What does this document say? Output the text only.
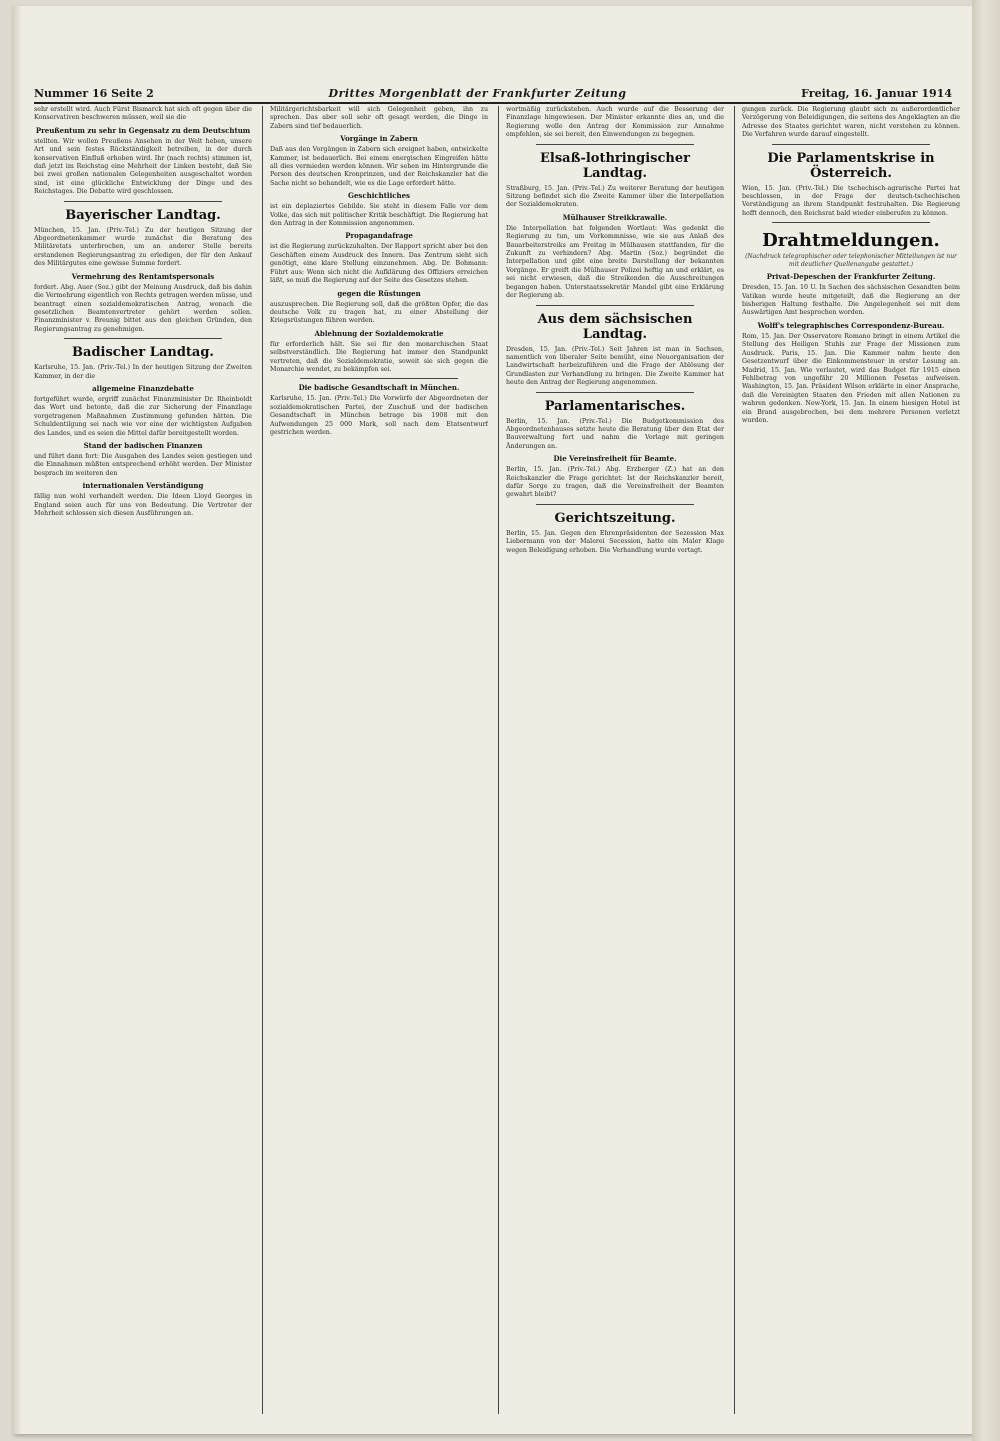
Nummer 16 Seite 2	Drittes Morgenblatt der Frankfurter Zeitung	Freitag, 16. Januar 1914

sehr erstellt wird. Auch Fürst Bismarck hat sich oft gegen über die Konservativen beschweren müssen, weil sie die

Preußentum zu sehr in Gegensatz zu dem Deutschtum

stellten. Wir wollen Preußens Ansehen in der Welt heben, unsere Art und sein festes Rückständigkeit betreiben, in der durch konservativen Einfluß erhoben wird. Ihr (nach rechts) stimmen ist, daß jetzt im Reichstag eine Mehrheit der Linken besteht, daß Sie bei zwei großen nationalen Gelegenheiten ausgeschaltet worden sind, ist eine glückliche Entwicklung der Dinge und des Reichstages. Die Debatte wird geschlossen.

Bayerischer Landtag.

München, 15. Jan. (Priv.-Tel.) Zu der heutigen Sitzung der Abgeordnetenkammer wurde zunächst die Beratung des Militäretats unterbrochen, um an anderer Stelle bereits erstandenen Regierungsantrag zu erledigen, der für den Ankauf des Militärgutes eine gewisse Summe fordert.

Vermehrung des Rentamtspersonals

fordert. Abg. Auer (Soz.) gibt der Meinung Ausdruck, daß bis dahin die Vermehrung eigentlich von Rechts getragen werden müsse, und beantragt einen sozialdemokratischen Antrag, wonach die gesetzlichen Beamtenvertreter gehört werden sollen. Finanzminister v. Breunig bittet aus den gleichen Gründen, den Regierungsantrag zu genehmigen.

Badischer Landtag.

Karlsruhe, 15. Jan. (Priv.-Tel.) In der heutigen Sitzung der Zweiten Kammer, in der die

allgemeine Finanzdebatte

fortgeführt wurde, ergriff zunächst Finanzminister Dr. Rheinboldt das Wort und betonte, daß die zur Sicherung der Finanzlage vorgetragenen Maßnahmen Zustimmung gefunden hätten. Die Schuldentilgung sei nach wie vor eine der wichtigsten Aufgaben des Landes, und es seien die Mittel dafür bereitgestellt worden.

Stand der badischen Finanzen

und führt dann fort: Die Ausgaben des Landes seien gestiegen und die Einnahmen müßten entsprechend erhöht werden. Der Minister besprach im weiteren den

internationalen Verständigung

fällig nun wohl verhandelt werden. Die Ideen Lloyd Georges in England seien auch für uns von Bedeutung. Die Vertreter der Mehrheit schlossen sich diesen Ausführungen an.

Militärgerichtsbarkeit will sich Gelegenheit geben, ihn zu sprechen. Das aber soll sehr oft gesagt werden, die Dinge in Zabern sind tief bedauerlich.

Vorgänge in Zabern

Daß aus den Vorgängen in Zabern sich ereignet haben, entwickelte Kammer, ist bedauerlich. Bei einem energischen Eingreifen hätte all dies vermieden werden können. Wir sehen im Hintergrunde die Person des deutschen Kronprinzen, und der Reichskanzler hat die Sache nicht so behandelt, wie es die Lage erfordert hätte.

Geschichtliches

ist ein deplaziertes Gebilde. Sie steht in diesem Falle vor dem Volke, das sich mit politischer Kritik beschäftigt. Die Regierung hat den Antrag in der Kommission angenommen.

Propagandafrage

ist die Regierung zurückzuhalten. Der Rapport spricht aber bei den Geschäften einem Ausdruck des Innern. Das Zentrum sieht sich genötigt, eine klare Stellung einzunehmen. Abg. Dr. Bohmann: Führt aus: Wenn sich nicht die Aufklärung des Offiziers erreichen läßt, so muß die Regierung auf der Seite des Gesetzes stehen.

gegen die Rüstungen

auszusprechen. Die Regierung soll, daß die größten Opfer, die das deutsche Volk zu tragen hat, zu einer Abstellung der Kriegsrüstungen führen werden.

Ablehnung der Sozialdemokratie

für erforderlich hält. Sie sei für den monarchischen Staat selbstverständlich. Die Regierung hat immer den Standpunkt vertreten, daß die Sozialdemokratie, soweit sie sich gegen die Monarchie wendet, zu bekämpfen sei.

Die badische Gesandtschaft in München.

Karlsruhe, 15. Jan. (Priv.-Tel.) Die Vorwürfe der Abgeordneten der sozialdemokratischen Partei, der Zuschuß und der badischen Gesandtschaft in München betrage bis 1908 mit den Aufwendungen 25 000 Mark, soll nach dem Etatsentwurf gestrichen werden.

wortmäßig zurückstehen. Auch wurde auf die Besserung der Finanzlage hingewiesen. Der Minister erkannte dies an, und die Regierung wolle den Antrag der Kommission zur Annahme empfehlen, sie sei bereit, den Einwendungen zu begegnen.

Elsaß-lothringischer Landtag.

Straßburg, 15. Jan. (Priv.-Tel.) Zu weiterer Beratung der heutigen Sitzung befindet sich die Zweite Kammer über die Interpellation der Sozialdemokraten.

Mülhauser Streikkrawalle.

Die Interpellation hat folgenden Wortlaut: Was gedenkt die Regierung zu tun, um Vorkommnisse, wie sie aus Anlaß des Bauarbeiterstreiks am Freitag in Mülhausen stattfanden, für die Zukunft zu verhindern? Abg. Martin (Soz.) begründet die Interpellation und gibt eine breite Darstellung der bekannten Vorgänge. Er greift die Mülhauser Polizei heftig an und erklärt, es sei nicht erwiesen, daß die Streikenden die Ausschreitungen begangen haben. Unterstaatssekretär Mandel gibt eine Erklärung der Regierung ab.

Aus dem sächsischen Landtag.

Dresden, 15. Jan. (Priv.-Tel.) Seit Jahren ist man in Sachsen, namentlich von liberaler Seite bemüht, eine Neuorganisation der Landwirtschaft herbeizuführen und die Frage der Ablösung der Grundlasten zur Verhandlung zu bringen. Die Zweite Kammer hat heute den Antrag der Regierung angenommen.

Parlamentarisches.

Berlin, 15. Jan. (Priv.-Tel.) Die Budgetkommission des Abgeordnetenhauses setzte heute die Beratung über den Etat der Bauverwaltung fort und nahm die Vorlage mit geringen Änderungen an.

Die Vereinsfreiheit für Beamte.

Berlin, 15. Jan. (Priv.-Tel.) Abg. Erzberger (Z.) hat an den Reichskanzler die Frage gerichtet: Ist der Reichskanzler bereit, dafür Sorge zu tragen, daß die Vereinsfreiheit der Beamten gewahrt bleibt?

Gerichtszeitung.

Berlin, 15. Jan. Gegen den Ehrenpräsidenten der Sezession Max Liebermann von der Malerei Secession, hatte ein Maler Klage wegen Beleidigung erhoben. Die Verhandlung wurde vertagt.

gungen zurück. Die Regierung glaubt sich zu außerordentlicher Verzögerung von Beleidigungen, die seitens des Angeklagten an die Adresse des Staates gerichtet waren, nicht verstehen zu können. Die Verfahren wurde darauf eingestellt.

Die Parlamentskrise in Österreich.

Wien, 15. Jan. (Priv.-Tel.) Die tschechisch-agrarische Partei hat beschlossen, in der Frage der deutsch-tschechischen Verständigung an ihrem Standpunkt festzuhalten. Die Regierung hofft dennoch, den Reichsrat bald wieder einberufen zu können.

Drahtmeldungen.

(Nachdruck telegraphischer oder telephonischer Mitteilungen ist nur mit deutlicher Quellenangabe gestattet.)

Privat-Depeschen der Frankfurter Zeitung.

Dresden, 15. Jan. 10 U. In Sachen des sächsischen Gesandten beim Vatikan wurde heute mitgeteilt, daß die Regierung an der bisherigen Haltung festhalte. Die Angelegenheit sei mit dem Auswärtigen Amt besprochen worden.

Wolff's telegraphisches Correspondenz-Bureau.

Rom, 15. Jan. Der Osservatore Romano bringt in einem Artikel die Stellung des Heiligen Stuhls zur Frage der Missionen zum Ausdruck. Paris, 15. Jan. Die Kammer nahm heute den Gesetzentwurf über die Einkommensteuer in erster Lesung an. Madrid, 15. Jan. Wie verlautet, wird das Budget für 1915 einen Fehlbetrag von ungefähr 20 Millionen Pesetas aufweisen. Washington, 15. Jan. Präsident Wilson erklärte in einer Ansprache, daß die Vereinigten Staaten den Frieden mit allen Nationen zu wahren gedenken. New-York, 15. Jan. In einem hiesigen Hotel ist ein Brand ausgebrochen, bei dem mehrere Personen verletzt wurden.
